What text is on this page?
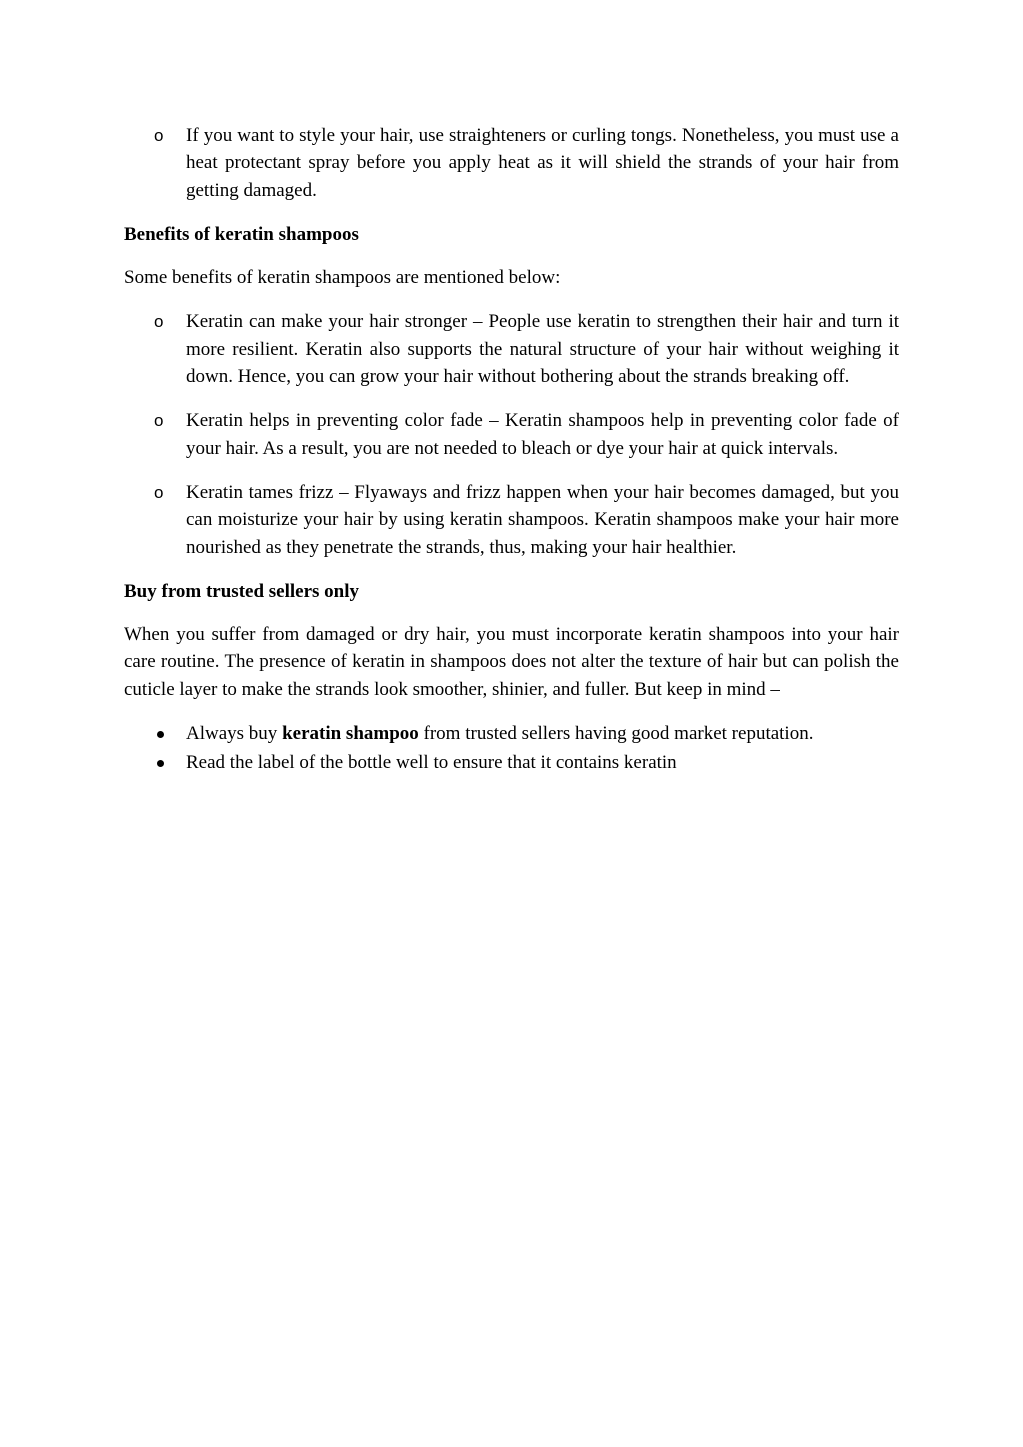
o If you want to style your hair, use straighteners or curling tongs. Nonetheless, you must use a heat protectant spray before you apply heat as it will shield the strands of your hair from getting damaged.
Benefits of keratin shampoos
Some benefits of keratin shampoos are mentioned below:
o Keratin can make your hair stronger – People use keratin to strengthen their hair and turn it more resilient. Keratin also supports the natural structure of your hair without weighing it down. Hence, you can grow your hair without bothering about the strands breaking off.
o Keratin helps in preventing color fade – Keratin shampoos help in preventing color fade of your hair. As a result, you are not needed to bleach or dye your hair at quick intervals.
o Keratin tames frizz – Flyaways and frizz happen when your hair becomes damaged, but you can moisturize your hair by using keratin shampoos. Keratin shampoos make your hair more nourished as they penetrate the strands, thus, making your hair healthier.
Buy from trusted sellers only
When you suffer from damaged or dry hair, you must incorporate keratin shampoos into your hair care routine. The presence of keratin in shampoos does not alter the texture of hair but can polish the cuticle layer to make the strands look smoother, shinier, and fuller. But keep in mind –
Always buy keratin shampoo from trusted sellers having good market reputation.
Read the label of the bottle well to ensure that it contains keratin
